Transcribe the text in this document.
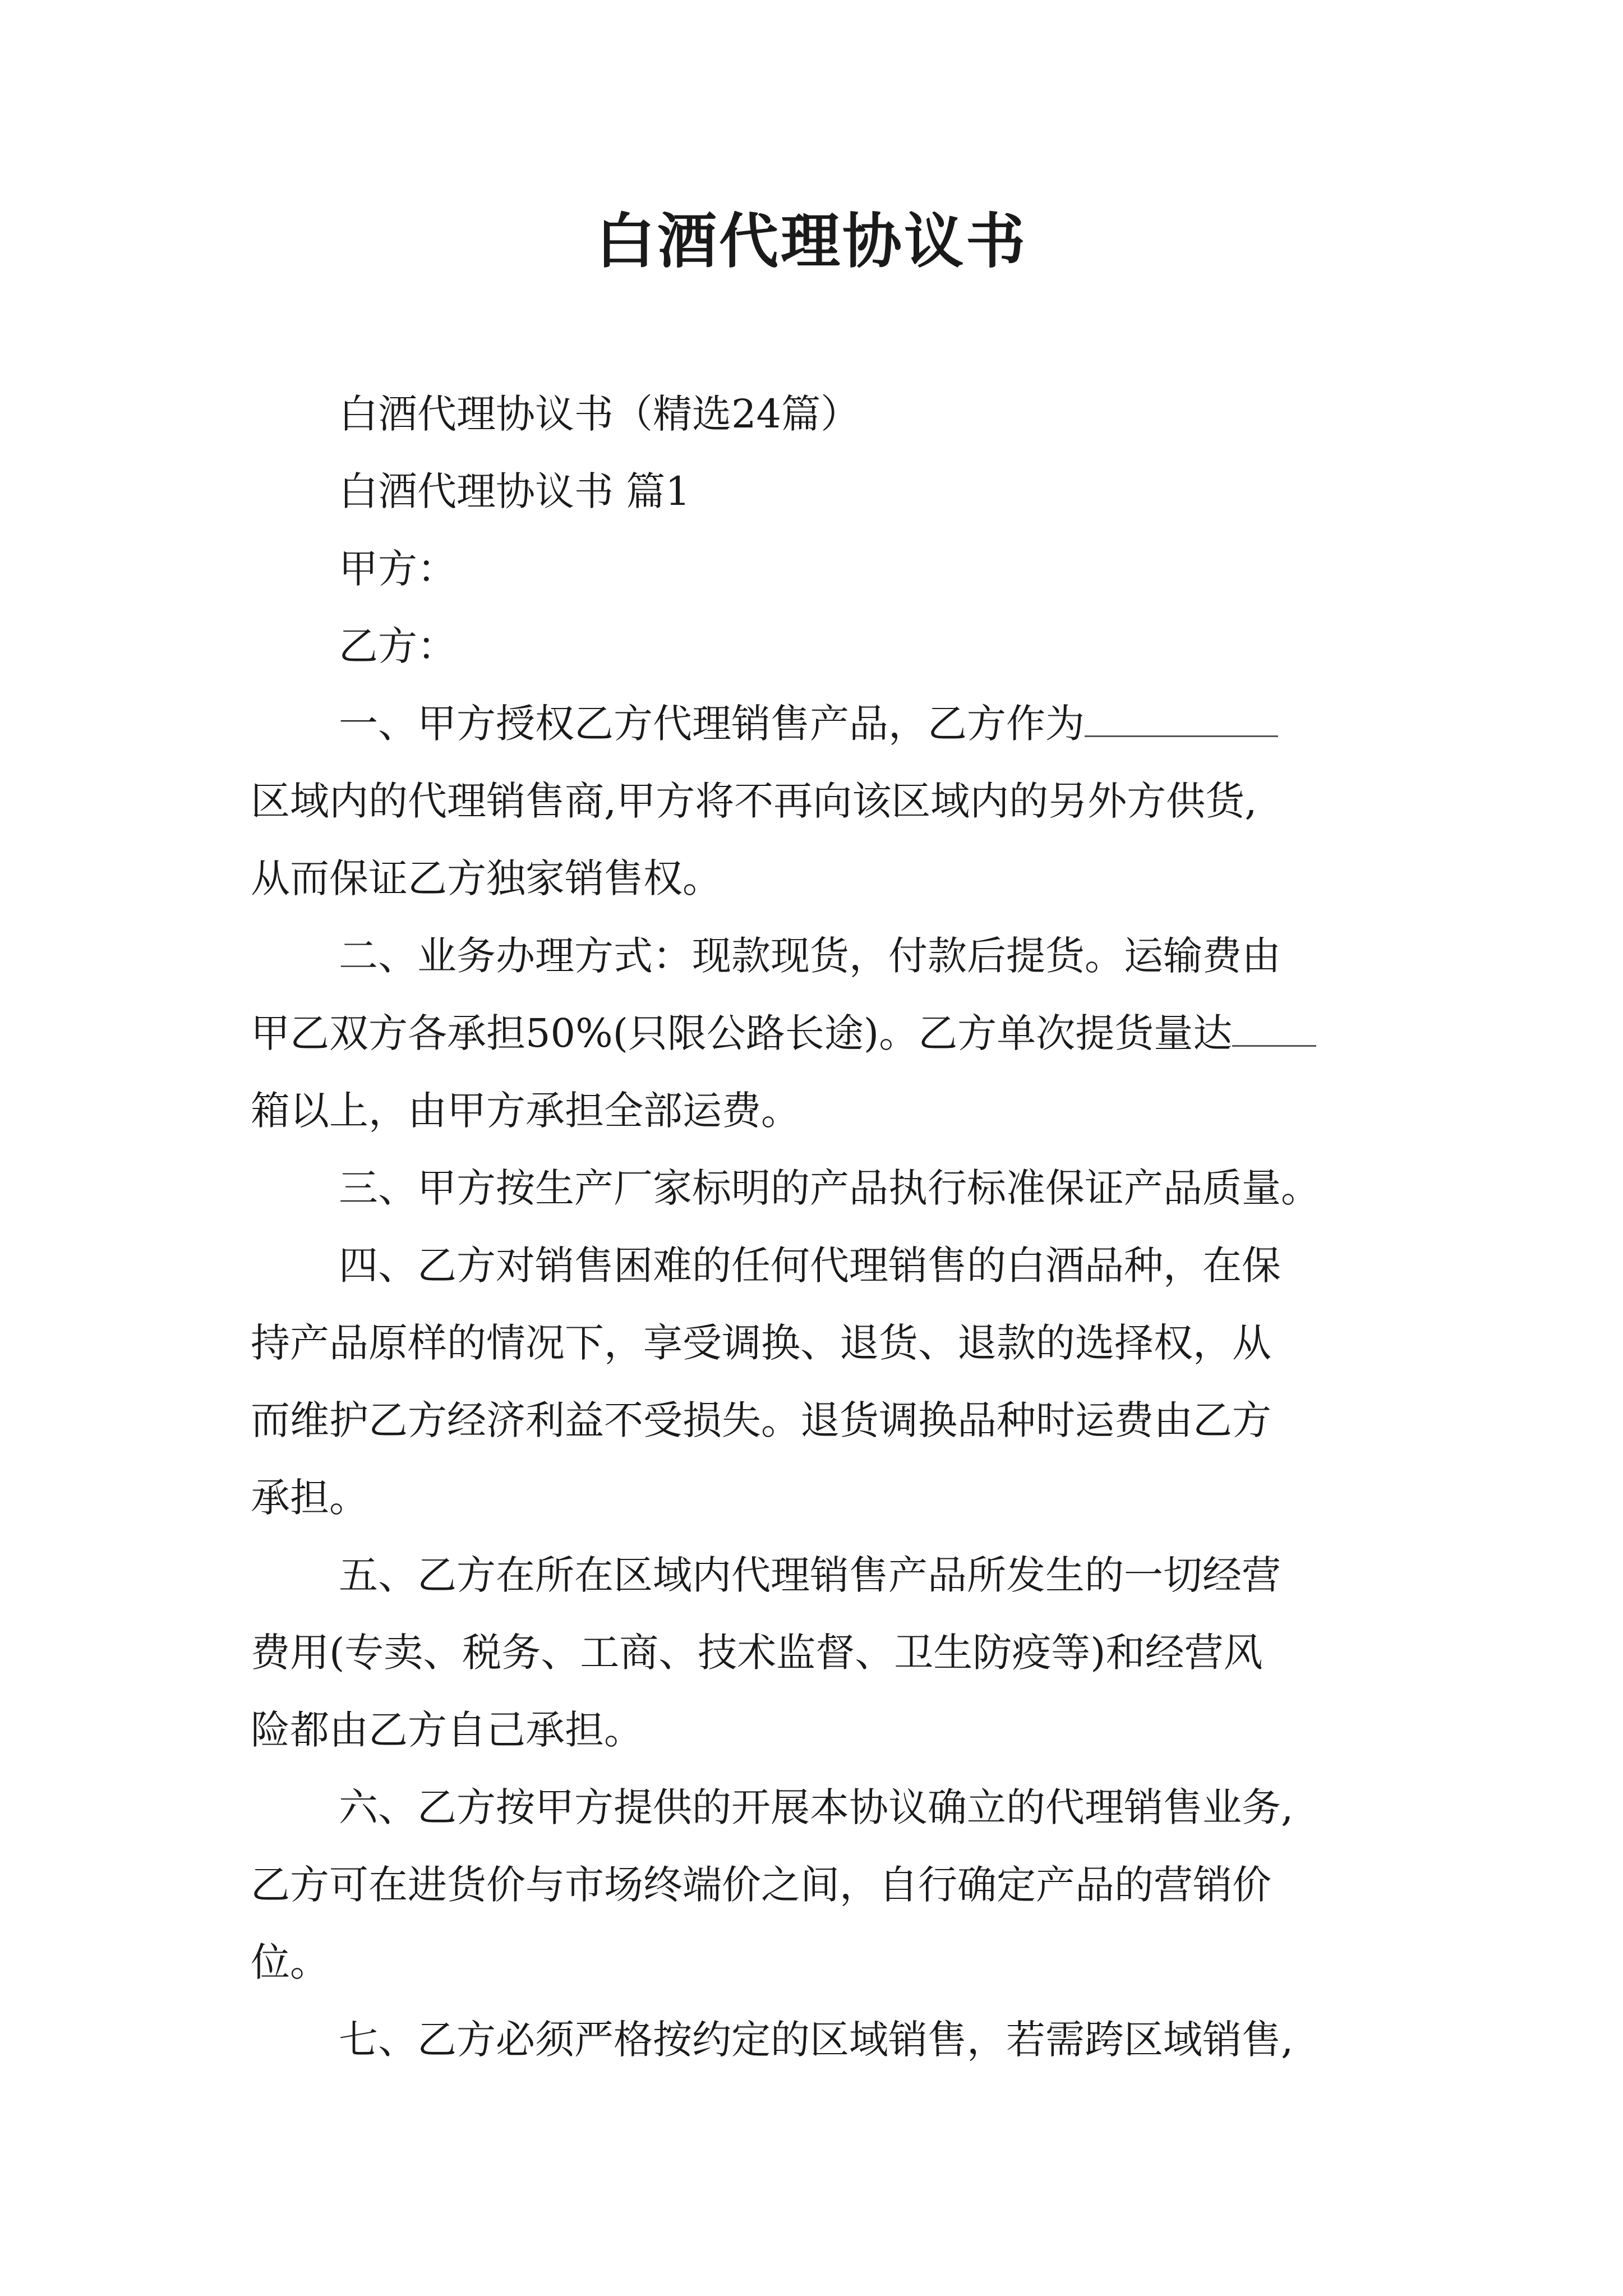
白酒代理协议书
白酒代理协议书（精选24篇）
白酒代理协议书 篇1
甲方：
乙方：
一、甲方授权乙方代理销售产品，乙方作为
区域内的代理销售商,甲方将不再向该区域内的另外方供货,
从而保证乙方独家销售权。
二、业务办理方式：现款现货，付款后提货。运输费由
甲乙双方各承担50%(只限公路长途)。乙方单次提货量达
箱以上，由甲方承担全部运费。
三、甲方按生产厂家标明的产品执行标准保证产品质量。
四、乙方对销售困难的任何代理销售的白酒品种，在保
持产品原样的情况下，享受调换、退货、退款的选择权，从
而维护乙方经济利益不受损失。退货调换品种时运费由乙方
承担。
五、乙方在所在区域内代理销售产品所发生的一切经营
费用(专卖、税务、工商、技术监督、卫生防疫等)和经营风
险都由乙方自己承担。
六、乙方按甲方提供的开展本协议确立的代理销售业务,
乙方可在进货价与市场终端价之间，自行确定产品的营销价
位。
七、乙方必须严格按约定的区域销售，若需跨区域销售,
